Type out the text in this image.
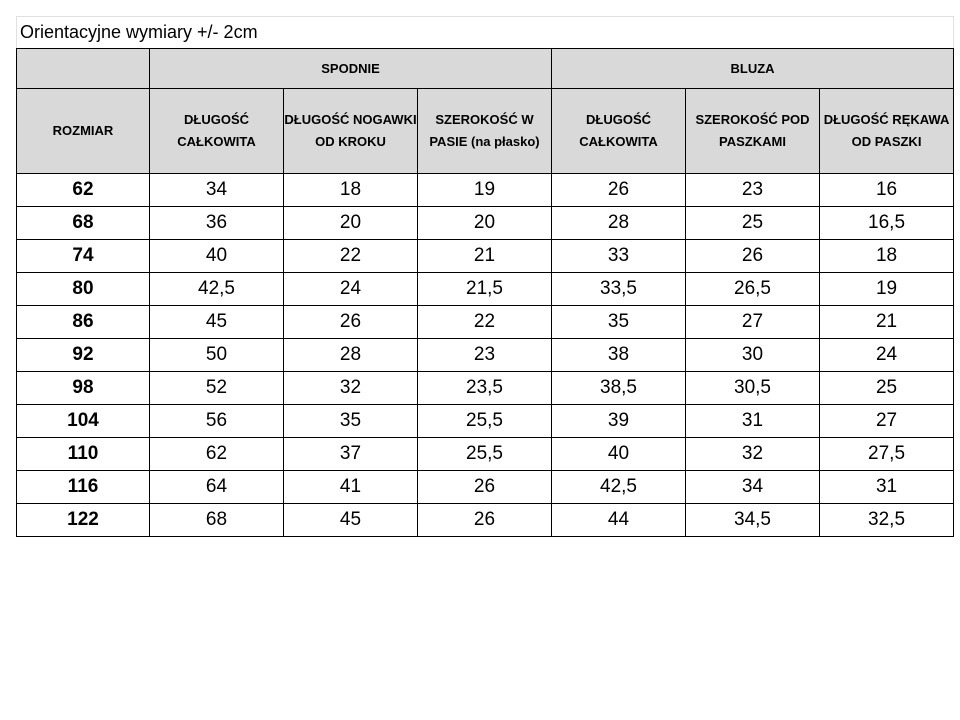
Orientacyjne wymiary +/- 2cm						
	SPODNIE			BLUZA		
ROZMIAR	DŁUGOŚĆ CAŁKOWITA	DŁUGOŚĆ NOGAWKI OD KROKU	SZEROKOŚĆ W PASIE (na płasko)	DŁUGOŚĆ CAŁKOWITA	SZEROKOŚĆ POD PASZKAMI	DŁUGOŚĆ RĘKAWA OD PASZKI
62	34	18	19	26	23	16
68	36	20	20	28	25	16,5
74	40	22	21	33	26	18
80	42,5	24	21,5	33,5	26,5	19
86	45	26	22	35	27	21
92	50	28	23	38	30	24
98	52	32	23,5	38,5	30,5	25
104	56	35	25,5	39	31	27
110	62	37	25,5	40	32	27,5
116	64	41	26	42,5	34	31
122	68	45	26	44	34,5	32,5
